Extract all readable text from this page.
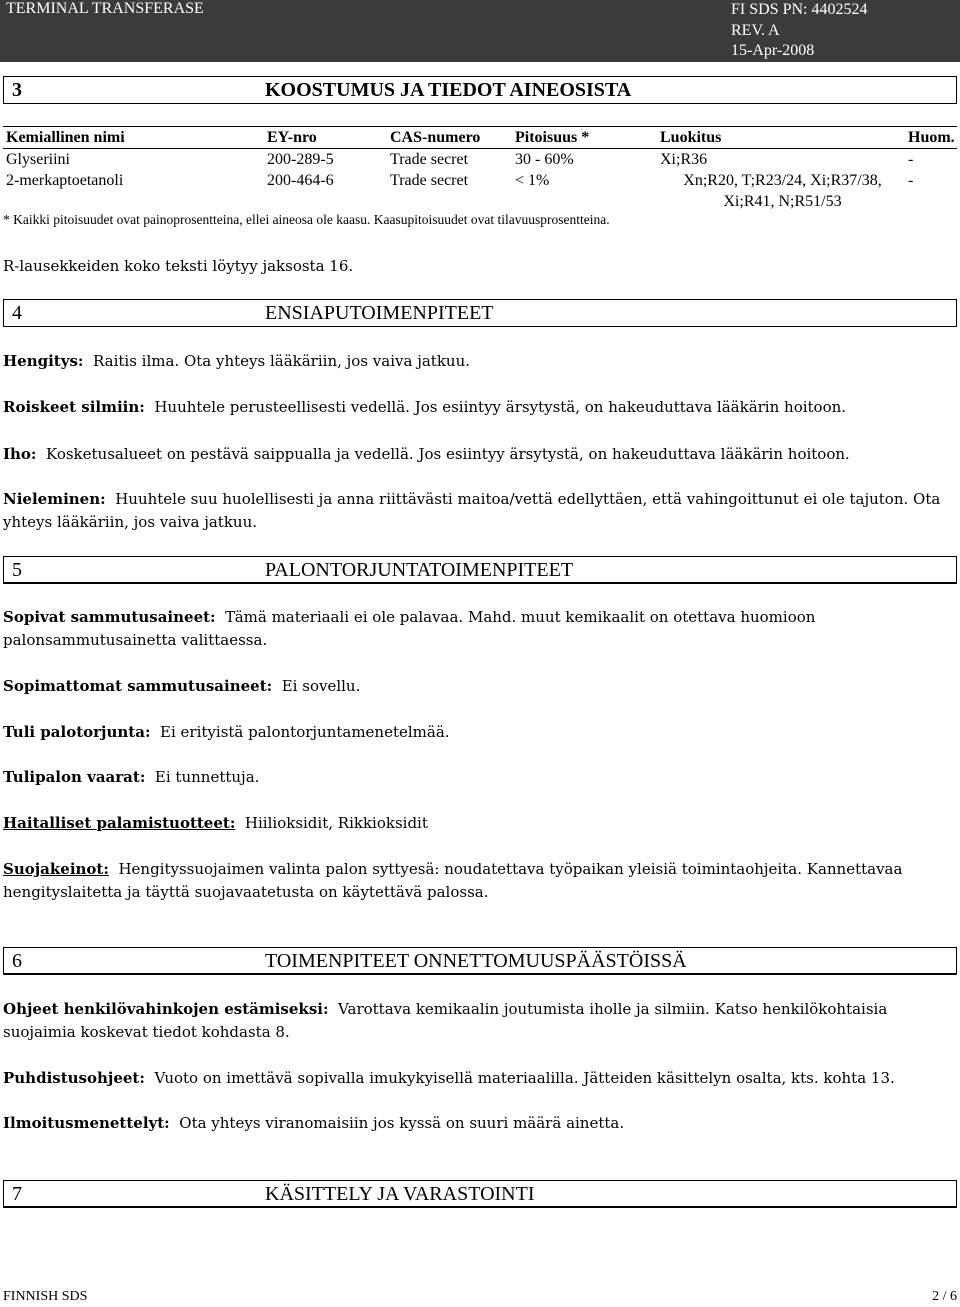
TERMINAL TRANSFERASE	FI SDS PN: 4402524
REV. A
15-Apr-2008
3	KOOSTUMUS JA TIEDOT AINEOSISTA
Kemiallinen nimi	EY-nro	CAS-numero	Pitoisuus *	Luokitus	Huom.
Glyseriini	200-289-5	Trade secret	30 - 60%	Xi;R36	-
2-merkaptoetanoli	200-464-6	Trade secret	< 1%	Xn;R20, T;R23/24, Xi;R37/38, Xi;R41, N;R51/53	-
* Kaikki pitoisuudet ovat painoprosentteina, ellei aineosa ole kaasu. Kaasupitoisuudet ovat tilavuusprosentteina.
R-lausekkeiden koko teksti löytyy jaksosta 16.
4	ENSIAPUTOIMENPITEET
Hengitys: Raitis ilma. Ota yhteys lääkäriin, jos vaiva jatkuu.
Roiskeet silmiin: Huuhtele perusteellisesti vedellä. Jos esiintyy ärsytystä, on hakeuduttava lääkärin hoitoon.
Iho: Kosketusalueet on pestävä saippualla ja vedellä. Jos esiintyy ärsytystä, on hakeuduttava lääkärin hoitoon.
Nieleminen: Huuhtele suu huolellisesti ja anna riittävästi maitoa/vettä edellyttäen, että vahingoittunut ei ole tajuton. Ota yhteys lääkäriin, jos vaiva jatkuu.
5	PALONTORJUNTATOIMENPITEET
Sopivat sammutusaineet: Tämä materiaali ei ole palavaa. Mahd. muut kemikaalit on otettava huomioon palonsammutusainetta valittaessa.
Sopimattomat sammutusaineet: Ei sovellu.
Tuli palotorjunta: Ei erityistä palontorjuntamenetelmää.
Tulipalon vaarat: Ei tunnettuja.
Haitalliset palamistuotteet: Hiilioksidit, Rikkioksidit
Suojakeinot: Hengityssuojaimen valinta palon syttyesä: noudatettava työpaikan yleisiä toimintaohjeita. Kannettavaa hengityslaitetta ja täyttä suojavaatetusta on käytettävä palossa.
6	TOIMENPITEET ONNETTOMUUSPÄÄSTÖISSÄ
Ohjeet henkilövahinkojen estämiseksi: Varottava kemikaalin joutumista iholle ja silmiin. Katso henkilökohtaisia suojaimia koskevat tiedot kohdasta 8.
Puhdistusohjeet: Vuoto on imettävä sopivalla imukykyisellä materiaalilla. Jätteiden käsittelyn osalta, kts. kohta 13.
Ilmoitusmenettelyt: Ota yhteys viranomaisiin jos kyssä on suuri määrä ainetta.
7	KÄSITTELY JA VARASTOINTI
FINNISH SDS	2 / 6
